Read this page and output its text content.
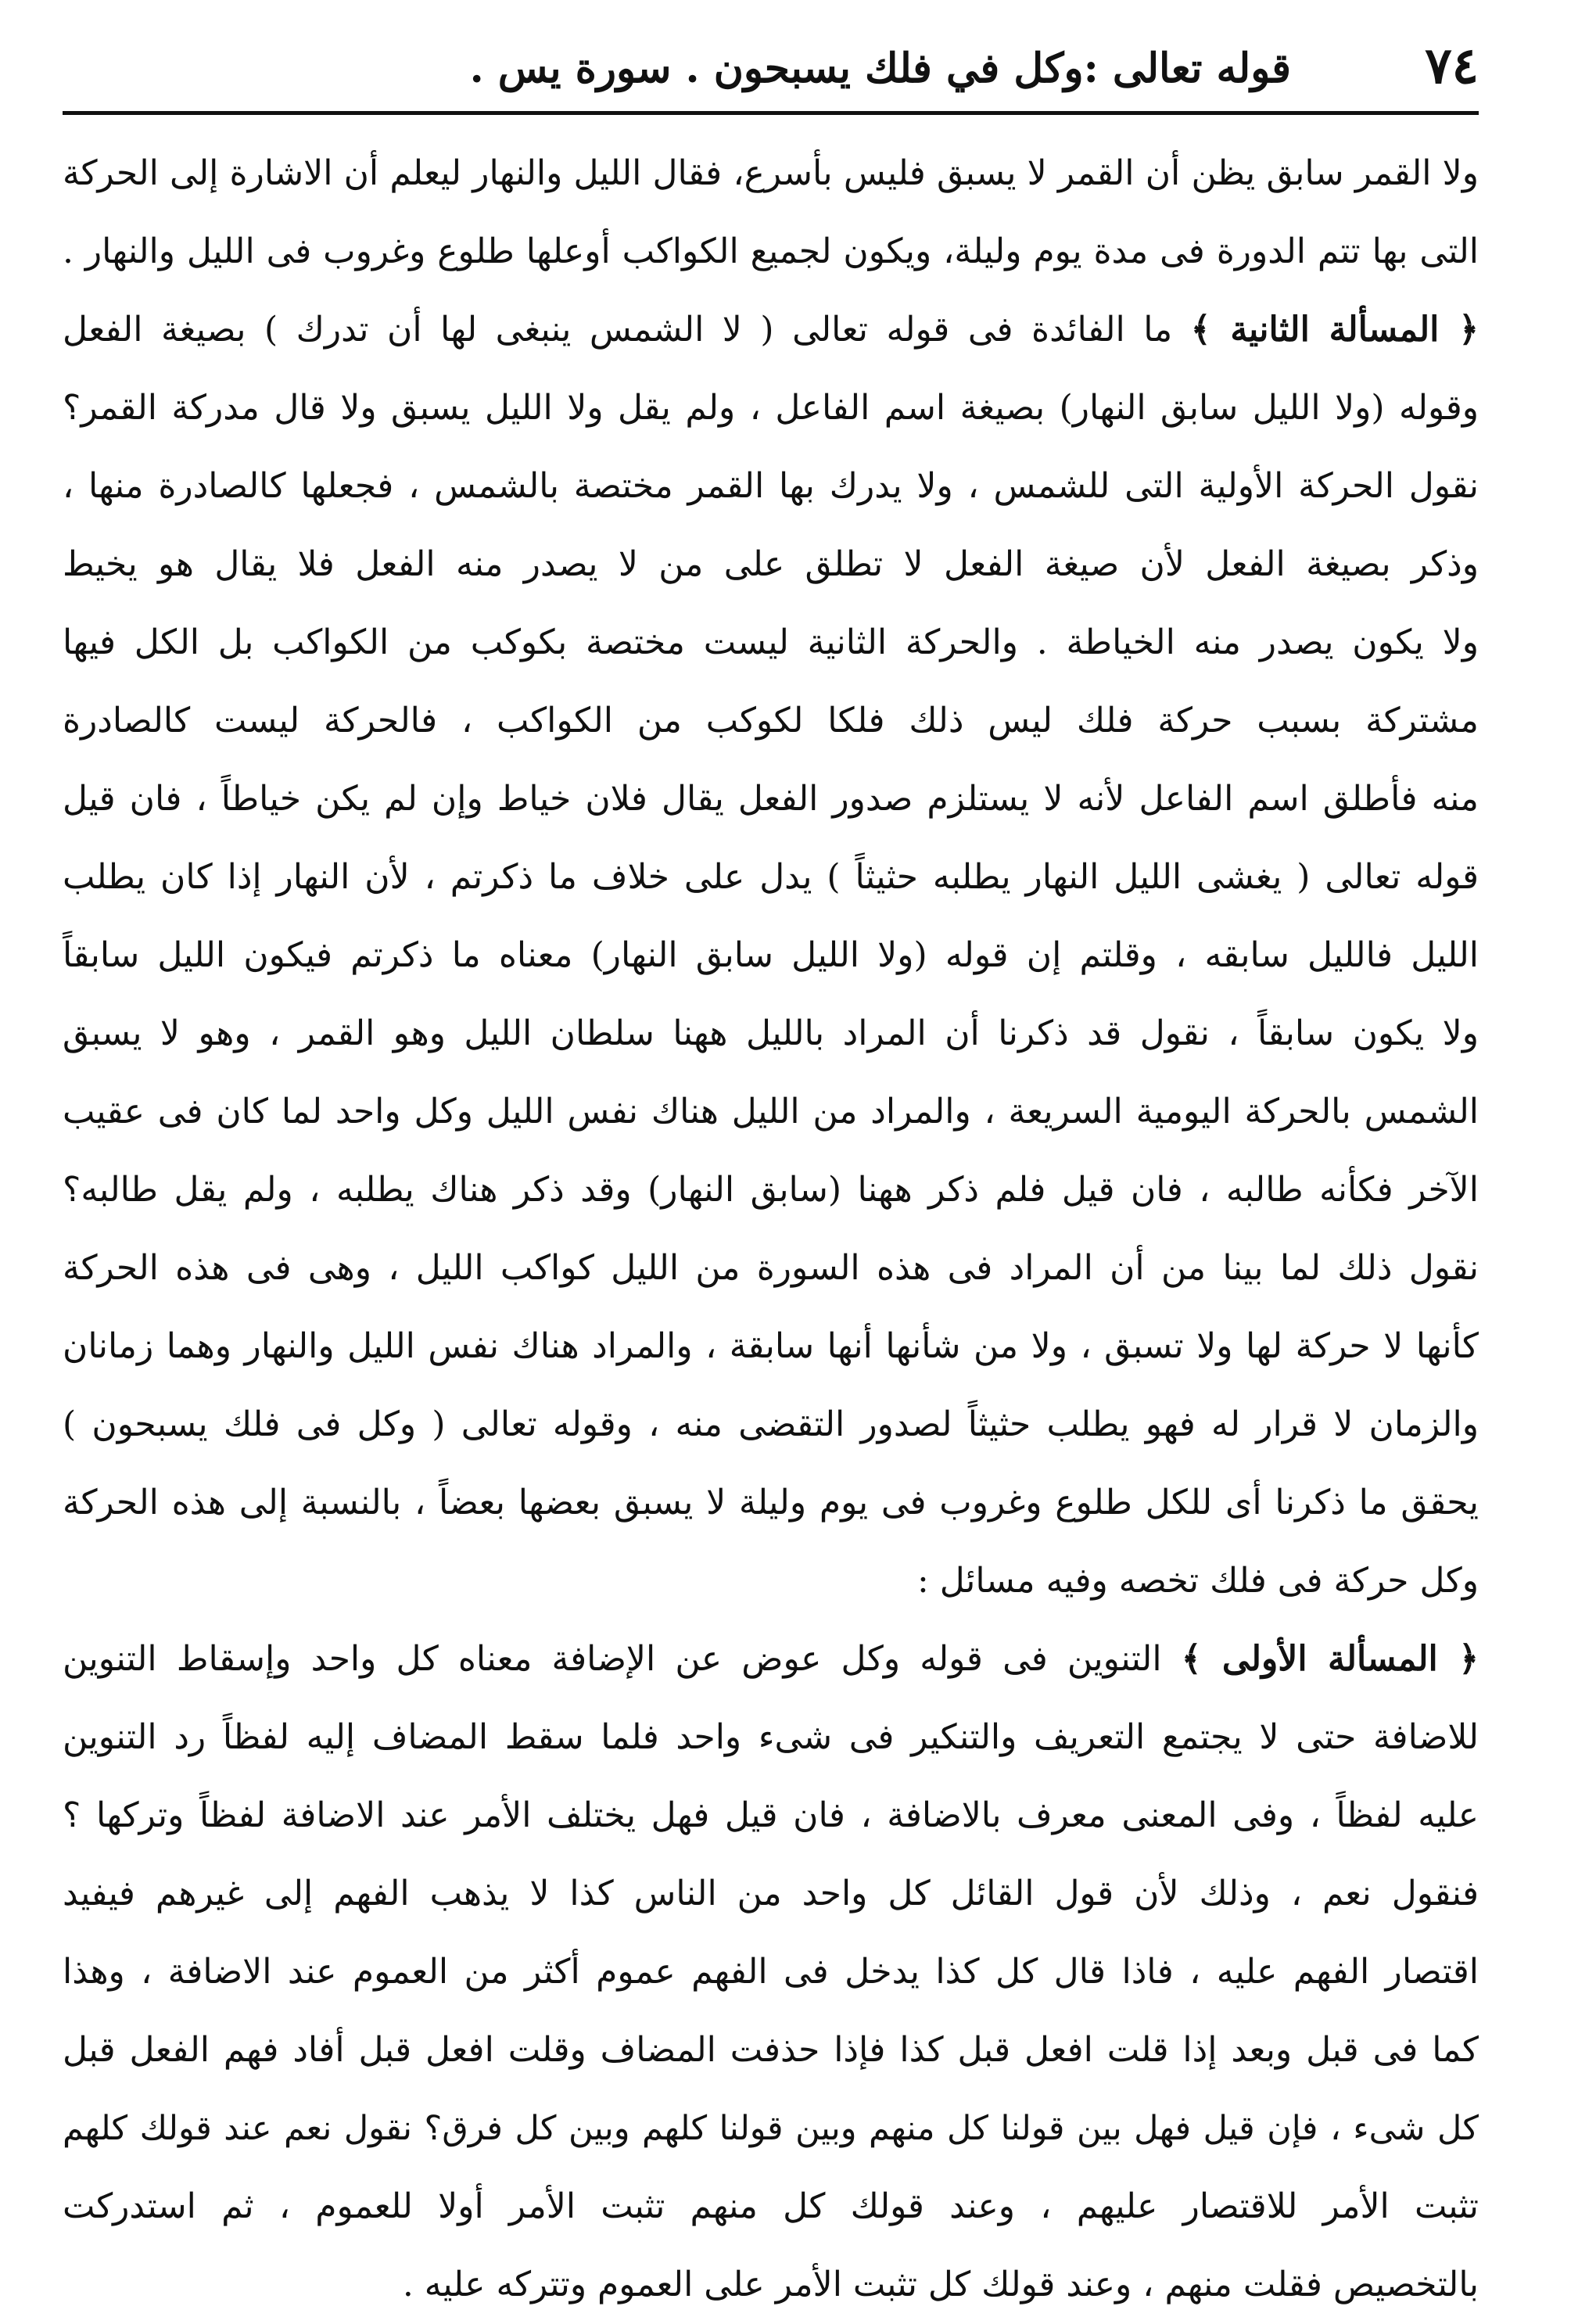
٧٤
قوله تعالى :وكل في فلك يسبحون . سورة يس .
ولا القمر سابق يظن أن القمر لا يسبق فليس بأسرع، فقال الليل والنهار ليعلم أن الاشارة إلى الحركة
التى بها تتم الدورة فى مدة يوم وليلة، ويكون لجميع الكواكب أوعلها طلوع وغروب فى الليل والنهار .
﴿ المسألة الثانية ﴾ ما الفائدة فى قوله تعالى ( لا الشمس ينبغى لها أن تدرك ) بصيغة الفعل
وقوله (ولا الليل سابق النهار) بصيغة اسم الفاعل ، ولم يقل ولا الليل يسبق ولا قال مدركة القمر؟
نقول الحركة الأولية التى للشمس ، ولا يدرك بها القمر مختصة بالشمس ، فجعلها كالصادرة منها ،
وذكر بصيغة الفعل لأن صيغة الفعل لا تطلق على من لا يصدر منه الفعل فلا يقال هو يخيط
ولا يكون يصدر منه الخياطة . والحركة الثانية ليست مختصة بكوكب من الكواكب بل الكل فيها
مشتركة بسبب حركة فلك ليس ذلك فلكا لكوكب من الكواكب ، فالحركة ليست كالصادرة
منه فأطلق اسم الفاعل لأنه لا يستلزم صدور الفعل يقال فلان خياط وإن لم يكن خياطاً ، فان قيل
قوله تعالى ( يغشى الليل النهار يطلبه حثيثاً ) يدل على خلاف ما ذكرتم ، لأن النهار إذا كان يطلب
الليل فالليل سابقه ، وقلتم إن قوله (ولا الليل سابق النهار) معناه ما ذكرتم فيكون الليل سابقاً
ولا يكون سابقاً ، نقول قد ذكرنا أن المراد بالليل ههنا سلطان الليل وهو القمر ، وهو لا يسبق
الشمس بالحركة اليومية السريعة ، والمراد من الليل هناك نفس الليل وكل واحد لما كان فى عقيب
الآخر فكأنه طالبه ، فان قيل فلم ذكر ههنا (سابق النهار) وقد ذكر هناك يطلبه ، ولم يقل طالبه؟
نقول ذلك لما بينا من أن المراد فى هذه السورة من الليل كواكب الليل ، وهى فى هذه الحركة
كأنها لا حركة لها ولا تسبق ، ولا من شأنها أنها سابقة ، والمراد هناك نفس الليل والنهار وهما زمانان
والزمان لا قرار له فهو يطلب حثيثاً لصدور التقضى منه ، وقوله تعالى ( وكل فى فلك يسبحون )
يحقق ما ذكرنا أى للكل طلوع وغروب فى يوم وليلة لا يسبق بعضها بعضاً ، بالنسبة إلى هذه الحركة
وكل حركة فى فلك تخصه وفيه مسائل :
﴿ المسألة الأولى ﴾ التنوين فى قوله وكل عوض عن الإضافة معناه كل واحد وإسقاط التنوين
للاضافة حتى لا يجتمع التعريف والتنكير فى شىء واحد فلما سقط المضاف إليه لفظاً رد التنوين
عليه لفظاً ، وفى المعنى معرف بالاضافة ، فان قيل فهل يختلف الأمر عند الاضافة لفظاً وتركها ؟
فنقول نعم ، وذلك لأن قول القائل كل واحد من الناس كذا لا يذهب الفهم إلى غيرهم فيفيد
اقتصار الفهم عليه ، فاذا قال كل كذا يدخل فى الفهم عموم أكثر من العموم عند الاضافة ، وهذا
كما فى قبل وبعد إذا قلت افعل قبل كذا فإذا حذفت المضاف وقلت افعل قبل أفاد فهم الفعل قبل
كل شىء ، فإن قيل فهل بين قولنا كل منهم وبين قولنا كلهم وبين كل فرق؟ نقول نعم عند قولك كلهم
تثبت الأمر للاقتصار عليهم ، وعند قولك كل منهم تثبت الأمر أولا للعموم ، ثم استدركت
بالتخصيص فقلت منهم ، وعند قولك كل تثبت الأمر على العموم وتتركه عليه .
